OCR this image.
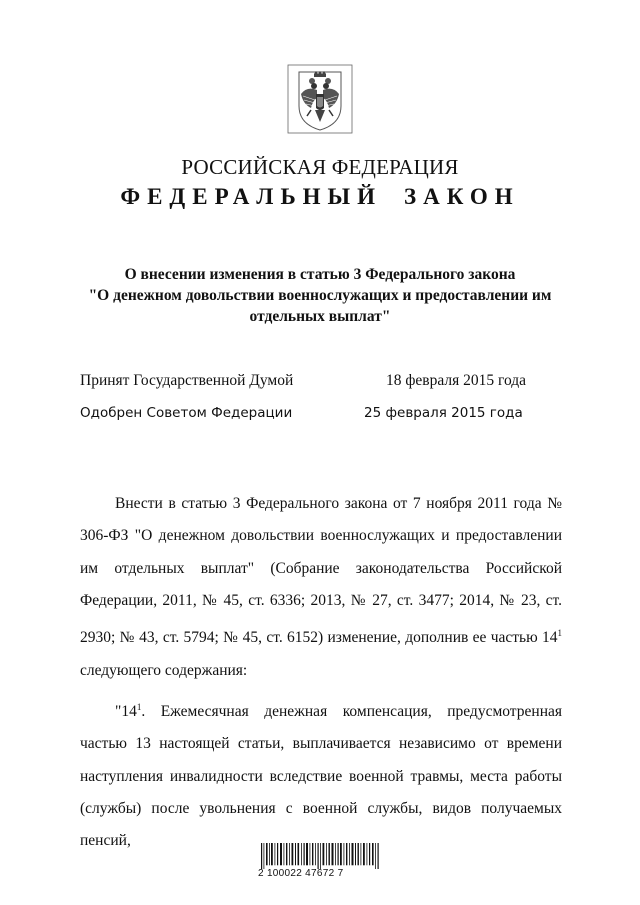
РОССИЙСКАЯ ФЕДЕРАЦИЯ
ФЕДЕРАЛЬНЫЙ ЗАКОН
О внесении изменения в статью 3 Федерального закона
"О денежном довольствии военнослужащих и предоставлении им
отдельных выплат"
Принят Государственной Думой	18 февраля 2015 года
Одобрен Советом Федерации	25 февраля 2015 года

Внести в статью 3 Федерального закона от 7 ноября 2011 года № 306-ФЗ "О денежном довольствии военнослужащих и предоставлении им отдельных выплат" (Собрание законодательства Российской Федерации, 2011, № 45, ст. 6336; 2013, № 27, ст. 3477; 2014, № 23, ст. 2930; № 43, ст. 5794; № 45, ст. 6152) изменение, дополнив ее частью $14^1$ следующего содержания:

"$14^1$. Ежемесячная денежная компенсация, предусмотренная частью 13 настоящей статьи, выплачивается независимо от времени наступления инвалидности вследствие военной травмы, места работы (службы) после увольнения с военной службы, видов получаемых пенсий,

2 100022 47672 7
